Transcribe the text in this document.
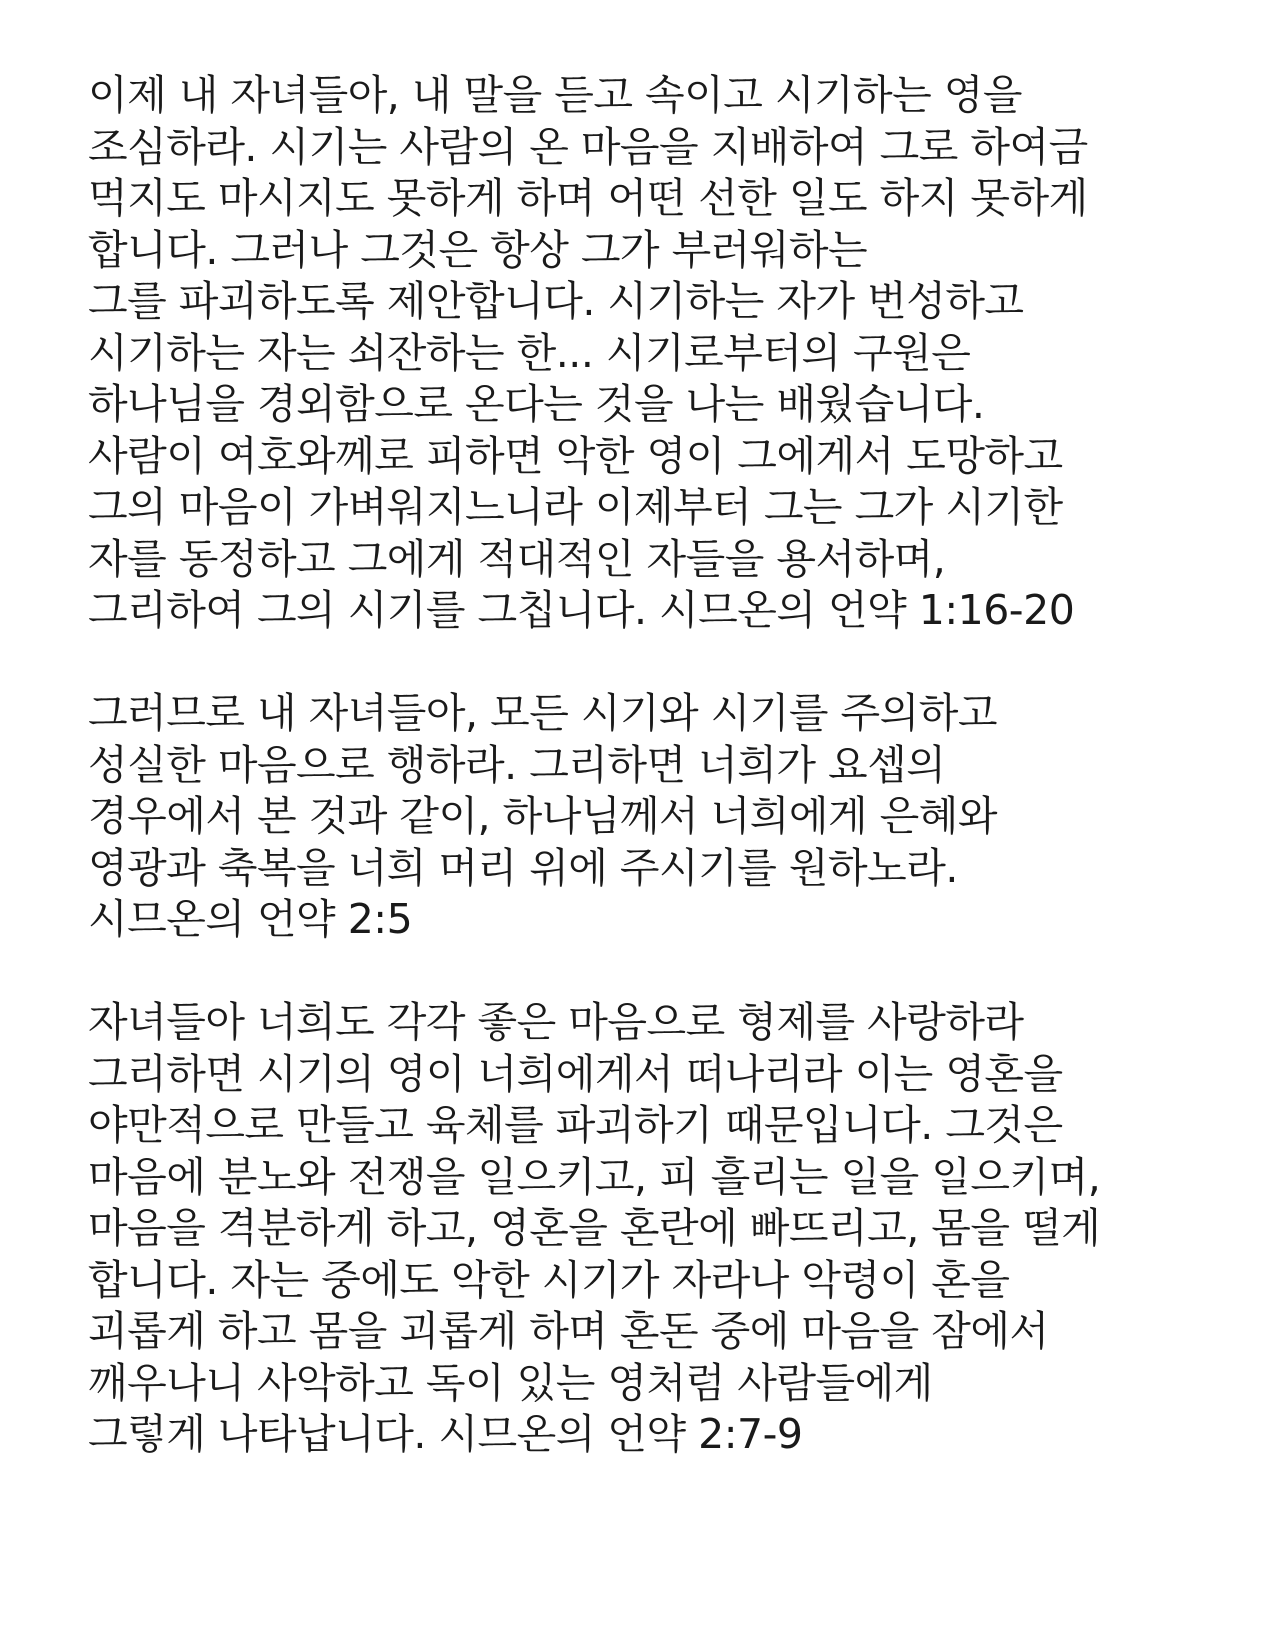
이제 내 자녀들아, 내 말을 듣고 속이고 시기하는 영을
조심하라. 시기는 사람의 온 마음을 지배하여 그로 하여금
먹지도 마시지도 못하게 하며 어떤 선한 일도 하지 못하게
합니다. 그러나 그것은 항상 그가 부러워하는
그를 파괴하도록 제안합니다. 시기하는 자가 번성하고
시기하는 자는 쇠잔하는 한... 시기로부터의 구원은
하나님을 경외함으로 온다는 것을 나는 배웠습니다.
사람이 여호와께로 피하면 악한 영이 그에게서 도망하고
그의 마음이 가벼워지느니라 이제부터 그는 그가 시기한
자를 동정하고 그에게 적대적인 자들을 용서하며,
그리하여 그의 시기를 그칩니다. 시므온의 언약 1:16-20
그러므로 내 자녀들아, 모든 시기와 시기를 주의하고
성실한 마음으로 행하라. 그리하면 너희가 요셉의
경우에서 본 것과 같이, 하나님께서 너희에게 은혜와
영광과 축복을 너희 머리 위에 주시기를 원하노라.
시므온의 언약 2:5
자녀들아 너희도 각각 좋은 마음으로 형제를 사랑하라
그리하면 시기의 영이 너희에게서 떠나리라 이는 영혼을
야만적으로 만들고 육체를 파괴하기 때문입니다. 그것은
마음에 분노와 전쟁을 일으키고, 피 흘리는 일을 일으키며,
마음을 격분하게 하고, 영혼을 혼란에 빠뜨리고, 몸을 떨게
합니다. 자는 중에도 악한 시기가 자라나 악령이 혼을
괴롭게 하고 몸을 괴롭게 하며 혼돈 중에 마음을 잠에서
깨우나니 사악하고 독이 있는 영처럼 사람들에게
그렇게 나타납니다. 시므온의 언약 2:7-9
